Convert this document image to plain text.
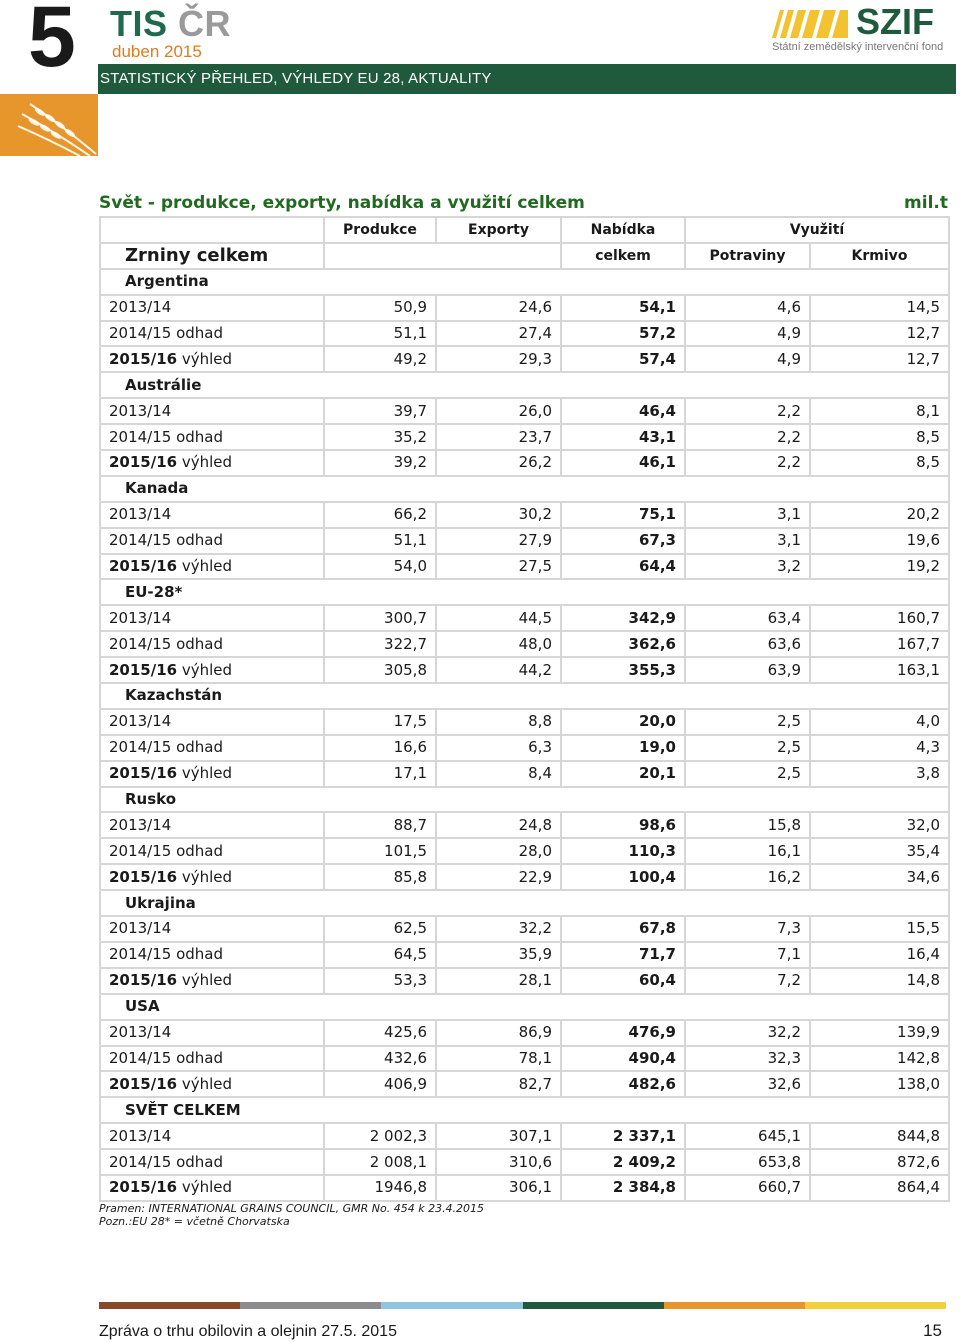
5 TIS ČR
duben 2015
STATISTICKÝ PŘEHLED, VÝHLEDY EU 28, AKTUALITY
SZIF
Státní zemědělský intervenční fond
Svět - produkce, exporty, nabídka a využití celkem	mil.t
	Produkce	Exporty	Nabídka	Využití	
Zrniny celkem			celkem	Potraviny	Krmivo
Argentina					
2013/14	50,9	24,6	54,1	4,6	14,5
2014/15 odhad	51,1	27,4	57,2	4,9	12,7
2015/16 výhled	49,2	29,3	57,4	4,9	12,7
Austrálie					
2013/14	39,7	26,0	46,4	2,2	8,1
2014/15 odhad	35,2	23,7	43,1	2,2	8,5
2015/16 výhled	39,2	26,2	46,1	2,2	8,5
Kanada					
2013/14	66,2	30,2	75,1	3,1	20,2
2014/15 odhad	51,1	27,9	67,3	3,1	19,6
2015/16 výhled	54,0	27,5	64,4	3,2	19,2
EU-28*					
2013/14	300,7	44,5	342,9	63,4	160,7
2014/15 odhad	322,7	48,0	362,6	63,6	167,7
2015/16 výhled	305,8	44,2	355,3	63,9	163,1
Kazachstán					
2013/14	17,5	8,8	20,0	2,5	4,0
2014/15 odhad	16,6	6,3	19,0	2,5	4,3
2015/16 výhled	17,1	8,4	20,1	2,5	3,8
Rusko					
2013/14	88,7	24,8	98,6	15,8	32,0
2014/15 odhad	101,5	28,0	110,3	16,1	35,4
2015/16 výhled	85,8	22,9	100,4	16,2	34,6
Ukrajina					
2013/14	62,5	32,2	67,8	7,3	15,5
2014/15 odhad	64,5	35,9	71,7	7,1	16,4
2015/16 výhled	53,3	28,1	60,4	7,2	14,8
USA					
2013/14	425,6	86,9	476,9	32,2	139,9
2014/15 odhad	432,6	78,1	490,4	32,3	142,8
2015/16 výhled	406,9	82,7	482,6	32,6	138,0
SVĚT CELKEM					
2013/14	2 002,3	307,1	2 337,1	645,1	844,8
2014/15 odhad	2 008,1	310,6	2 409,2	653,8	872,6
2015/16 výhled	1946,8	306,1	2 384,8	660,7	864,4
Pramen: INTERNATIONAL GRAINS COUNCIL, GMR No. 454 k 23.4.2015
Pozn.:EU 28* = včetně Chorvatska
Zpráva o trhu obilovin a olejnin 27.5. 2015	15
